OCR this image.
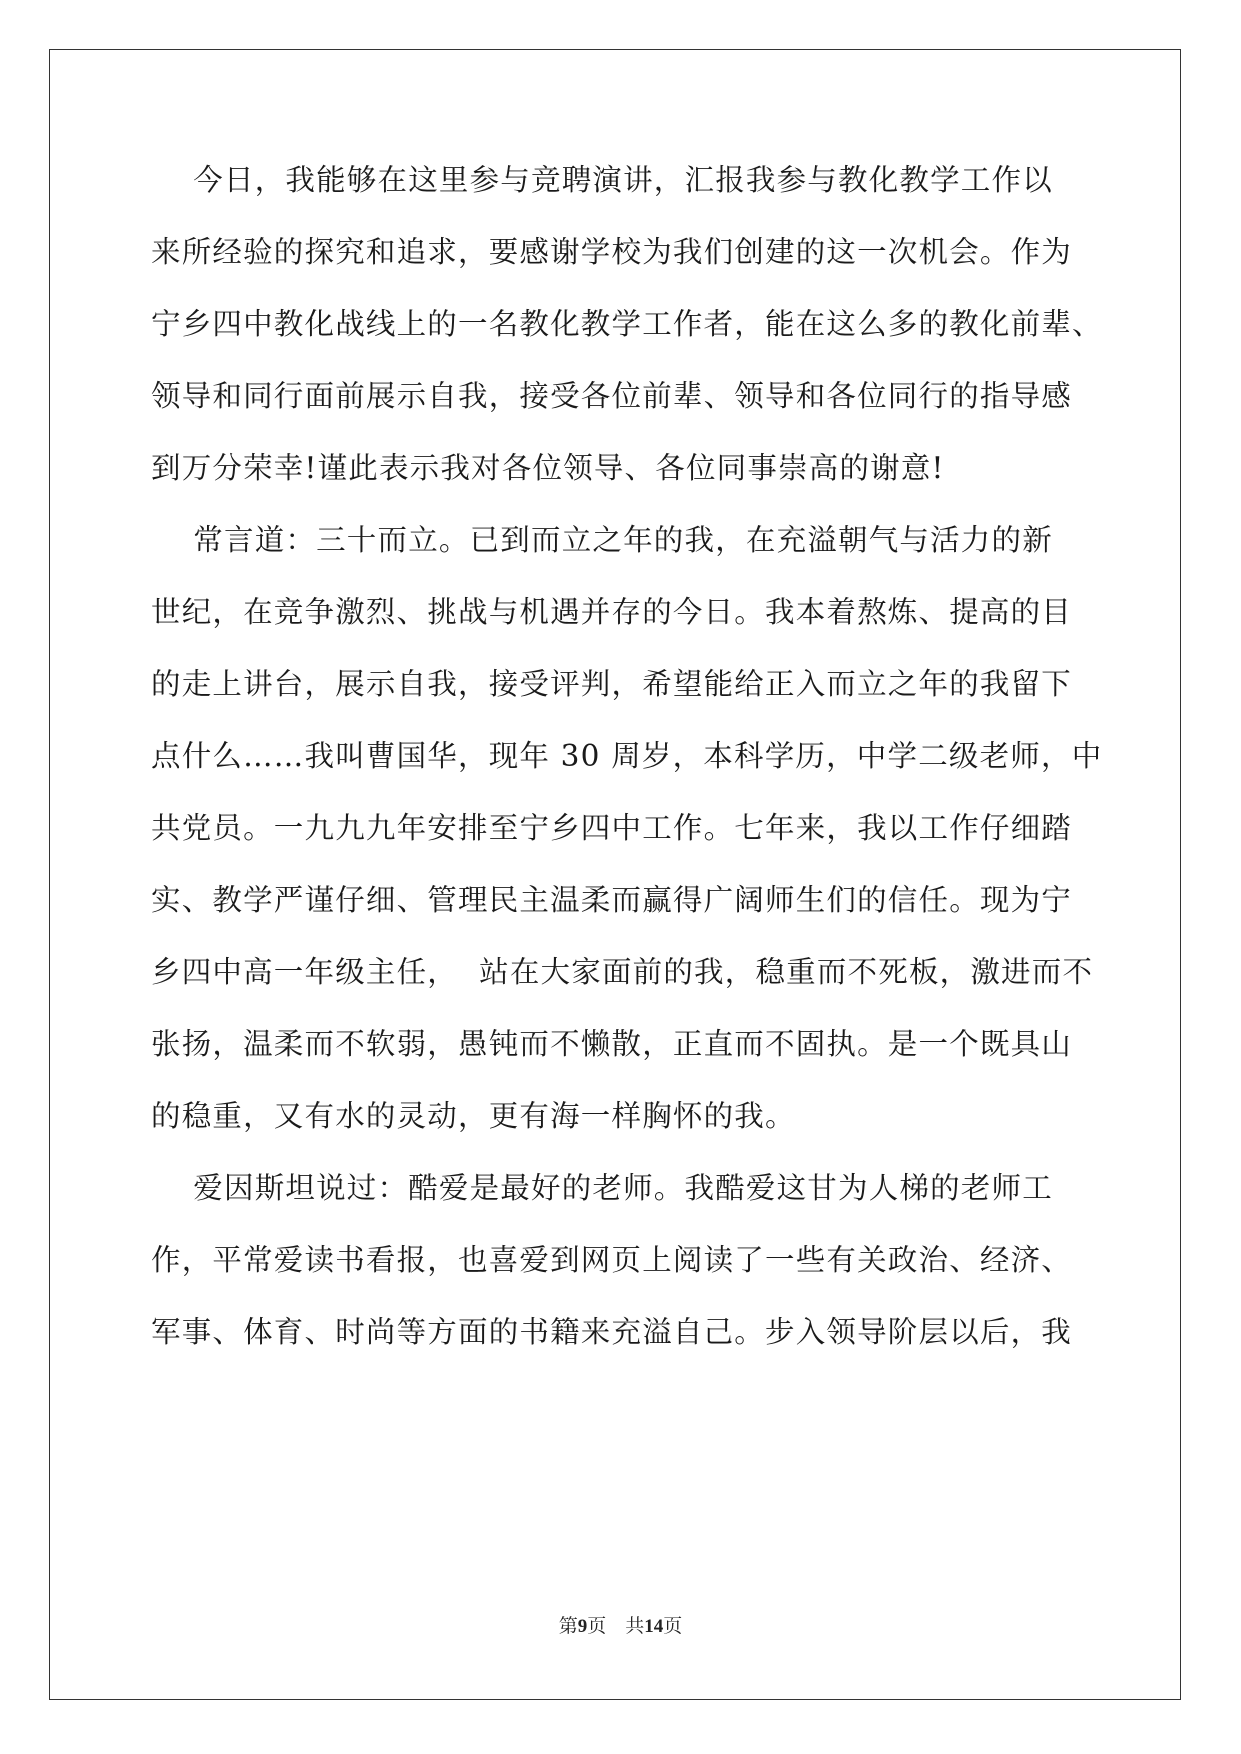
今日，我能够在这里参与竞聘演讲，汇报我参与教化教学工作以
来所经验的探究和追求，要感谢学校为我们创建的这一次机会。作为
宁乡四中教化战线上的一名教化教学工作者，能在这么多的教化前辈、
领导和同行面前展示自我，接受各位前辈、领导和各位同行的指导感
到万分荣幸!谨此表示我对各位领导、各位同事崇高的谢意!
常言道：三十而立。已到而立之年的我，在充溢朝气与活力的新
世纪，在竞争激烈、挑战与机遇并存的今日。我本着熬炼、提高的目
的走上讲台，展示自我，接受评判，希望能给正入而立之年的我留下
点什么……我叫曹国华，现年 30 周岁，本科学历，中学二级老师，中
共党员。一九九九年安排至宁乡四中工作。七年来，我以工作仔细踏
实、教学严谨仔细、管理民主温柔而赢得广阔师生们的信任。现为宁
乡四中高一年级主任，  站在大家面前的我，稳重而不死板，激进而不
张扬，温柔而不软弱，愚钝而不懒散，正直而不固执。是一个既具山
的稳重，又有水的灵动，更有海一样胸怀的我。
爱因斯坦说过：酷爱是最好的老师。我酷爱这甘为人梯的老师工
作，平常爱读书看报，也喜爱到网页上阅读了一些有关政治、经济、
军事、体育、时尚等方面的书籍来充溢自己。步入领导阶层以后，我
第9页    共14页
